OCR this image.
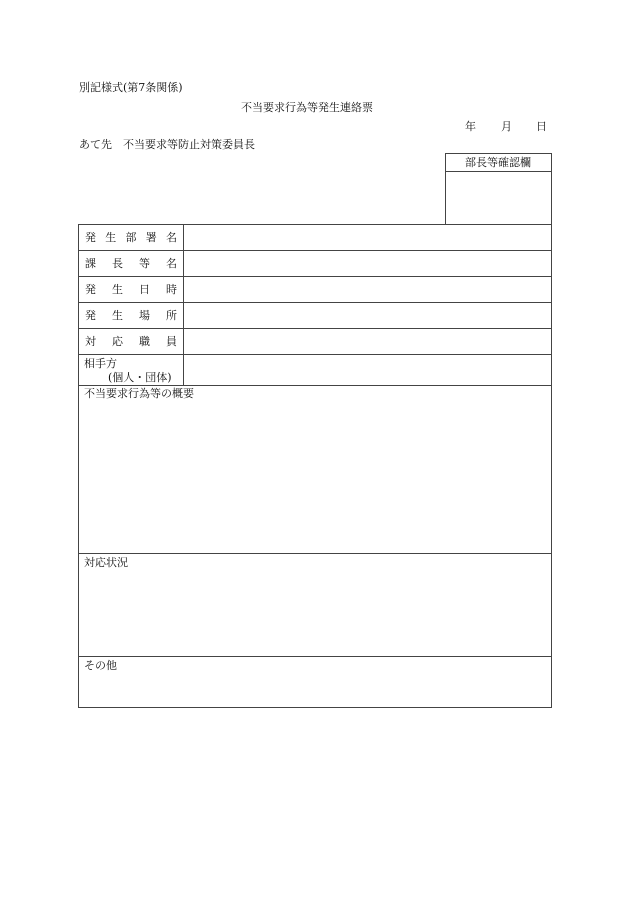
別記様式(第7条関係)
不当要求行為等発生連絡票
年 月 日
あて先　不当要求等防止対策委員長
部長等確認欄
発 生 部 署 名
課 長 等 名
発 生 日 時
発 生 場 所
対 応 職 員
相手方
(個人・団体)
不当要求行為等の概要
対応状況
その他
